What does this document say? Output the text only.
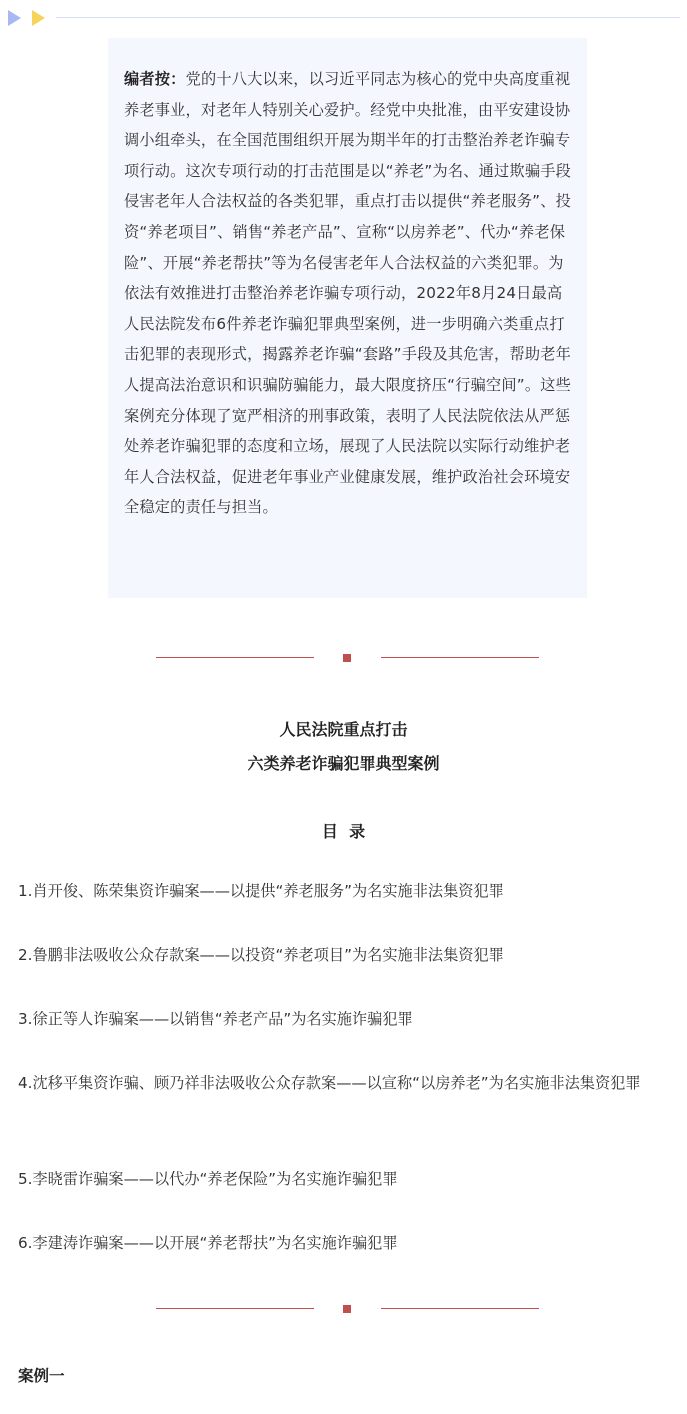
编者按：党的十八大以来，以习近平同志为核心的党中央高度重视养老事业，对老年人特别关心爱护。经党中央批准，由平安建设协调小组牵头，在全国范围组织开展为期半年的打击整治养老诈骗专项行动。这次专项行动的打击范围是以“养老”为名、通过欺骗手段侵害老年人合法权益的各类犯罪，重点打击以提供“养老服务”、投资“养老项目”、销售“养老产品”、宣称“以房养老”、代办“养老保险”、开展“养老帮扶”等为名侵害老年人合法权益的六类犯罪。为依法有效推进打击整治养老诈骗专项行动，2022年8月24日最高人民法院发布6件养老诈骗犯罪典型案例，进一步明确六类重点打击犯罪的表现形式，揭露养老诈骗“套路”手段及其危害，帮助老年人提高法治意识和识骗防骗能力，最大限度挤压“行骗空间”。这些案例充分体现了宽严相济的刑事政策，表明了人民法院依法从严惩处养老诈骗犯罪的态度和立场，展现了人民法院以实际行动维护老年人合法权益，促进老年事业产业健康发展，维护政治社会环境安全稳定的责任与担当。
人民法院重点打击
六类养老诈骗犯罪典型案例
目  录
1.肖开俊、陈荣集资诈骗案——以提供“养老服务”为名实施非法集资犯罪
2.鲁鹏非法吸收公众存款案——以投资“养老项目”为名实施非法集资犯罪
3.徐正等人诈骗案——以销售“养老产品”为名实施诈骗犯罪
4.沈移平集资诈骗、顾乃祥非法吸收公众存款案——以宣称“以房养老”为名实施非法集资犯罪
5.李晓雷诈骗案——以代办“养老保险”为名实施诈骗犯罪
6.李建涛诈骗案——以开展“养老帮扶”为名实施诈骗犯罪
案例一
